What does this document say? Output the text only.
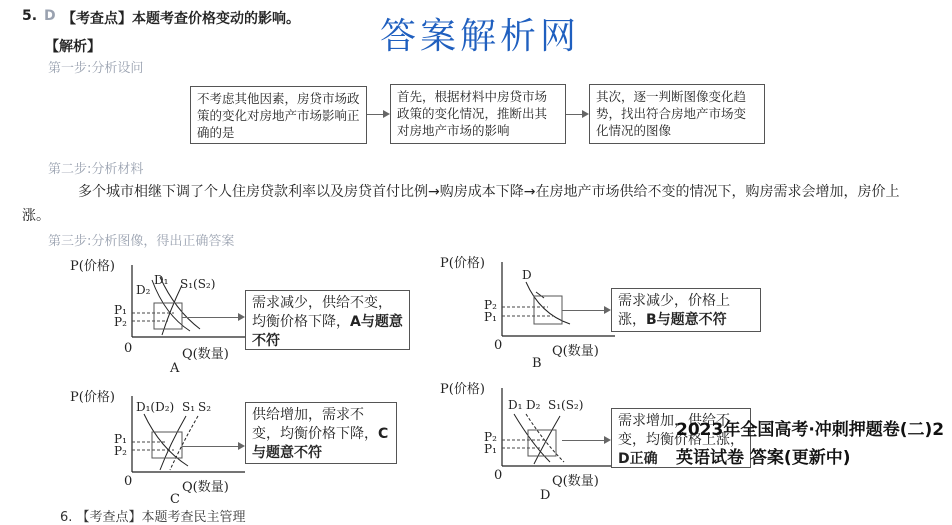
5. D 【考查点】本题考查价格变动的影响。 答案解析网
【解析】
第一步:分析设问
不考虑其他因素，房贷市场政策的变化对房地产市场影响正确的是
首先，根据材料中房贷市场政策的变化情况，推断出其对房地产市场的影响
其次，逐一判断图像变化趋势，找出符合房地产市场变化情况的图像
第二步:分析材料
多个城市相继下调了个人住房贷款利率以及房贷首付比例→购房成本下降→在房地产市场供给不变的情况下，购房需求会增加，房价上涨。
第三步:分析图像，得出正确答案
P(价格)
Q(数量)
0
D₂
D₁ S₁(S₂)
P₁
P₂
A
需求减少，供给不变，均衡价格下降，A与题意不符
P(价格)
Q(数量)
0
D
P₂
P₁
B
需求减少，价格上涨，B与题意不符
P(价格)
Q(数量)
0
D₁(D₂) S₁ S₂
P₁
P₂
C
供给增加，需求不变，均衡价格下降，C与题意不符
P(价格)
Q(数量)
0
D₁ D₂ S₁(S₂)
P₂
P₁
D
需求增加，供给不变，均衡价格上涨，D正确
2023年全国高考·冲刺押题卷(二)2英语试卷 答案(更新中)
6. 【考查点】本题考查民主管理
